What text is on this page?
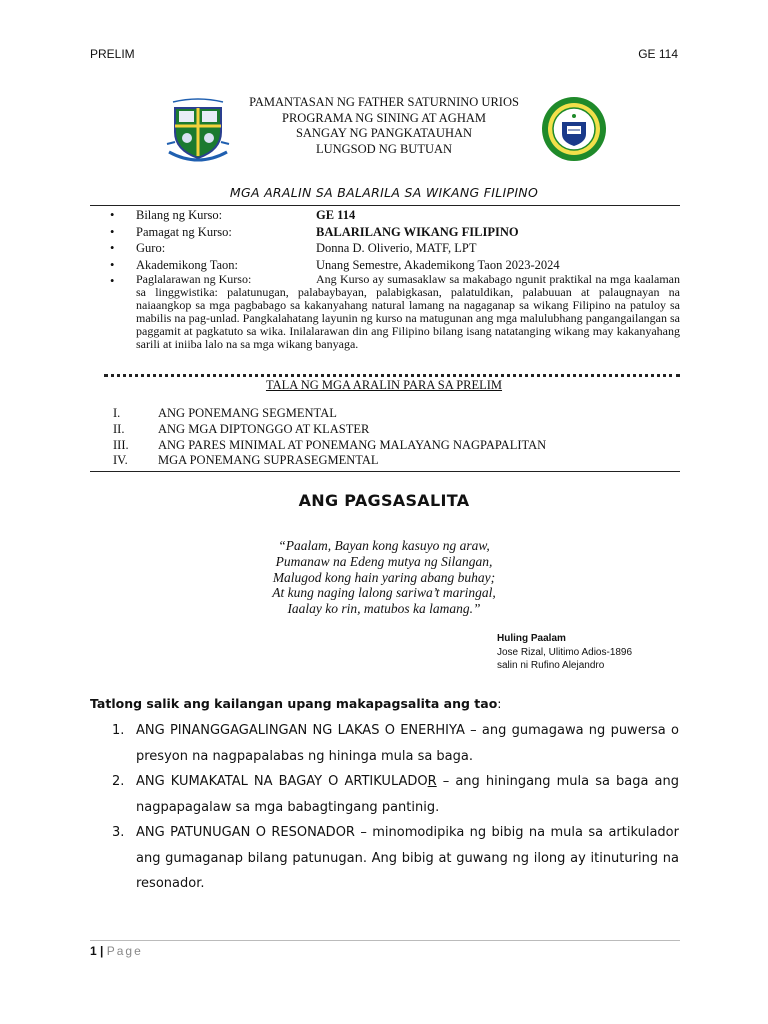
PRELIM	GE 114
PAMANTASAN NG FATHER SATURNINO URIOS
PROGRAMA NG SINING AT AGHAM
SANGAY NG PANGKATAUHAN
LUNGSOD NG BUTUAN
MGA ARALIN SA BALARILA SA WIKANG FILIPINO
•	Bilang ng Kurso:	GE 114
•	Pamagat ng Kurso:	BALARILANG WIKANG FILIPINO
•	Guro:	Donna D. Oliverio, MATF, LPT
•	Akademikong Taon:	Unang Semestre, Akademikong Taon 2023-2024
•	Paglalarawan ng Kurso:	Ang Kurso ay sumasaklaw sa makabago ngunit praktikal na mga kaalaman sa linggwistika: palatunugan, palabaybayan, palabigkasan, palatuldikan, palabuuan at palaugnayan na naiaangkop sa mga pagbabago sa kakanyahang natural lamang na nagaganap sa wikang Filipino na patuloy sa mabilis na pag-unlad. Pangkalahatang layunin ng kurso na matugunan ang mga malulubhang pangangailangan sa paggamit at pagkatuto sa wika. Inilalarawan din ang Filipino bilang isang natatanging wikang may kakanyahang sarili at iniiba lalo na sa mga wikang banyaga.
TALA NG MGA ARALIN PARA SA PRELIM
I.	ANG PONEMANG SEGMENTAL
II.	ANG MGA DIPTONGGO AT KLASTER
III.	ANG PARES MINIMAL AT PONEMANG MALAYANG NAGPAPALITAN
IV.	MGA PONEMANG SUPRASEGMENTAL
ANG PAGSASALITA
“Paalam, Bayan kong kasuyo ng araw,
Pumanaw na Edeng mutya ng Silangan,
Malugod kong hain yaring abang buhay;
At kung naging lalong sariwa’t maringal,
Iaalay ko rin, matubos ka lamang.”
Huling Paalam
Jose Rizal, Ulitimo Adios-1896
salin ni Rufino Alejandro
Tatlong salik ang kailangan upang makapagsalita ang tao:
1. ANG PINANGGAGALINGAN NG LAKAS O ENERHIYA – ang gumagawa ng puwersa o presyon na nagpapalabas ng hininga mula sa baga.
2. ANG KUMAKATAL NA BAGAY O ARTIKULADOR – ang hiningang mula sa baga ang nagpapagalaw sa mga babagtingang pantinig.
3. ANG PATUNUGAN O RESONADOR – minomodipika ng bibig na mula sa artikulador ang gumaganap bilang patunugan. Ang bibig at guwang ng ilong ay itinuturing na resonador.
1 | Page
